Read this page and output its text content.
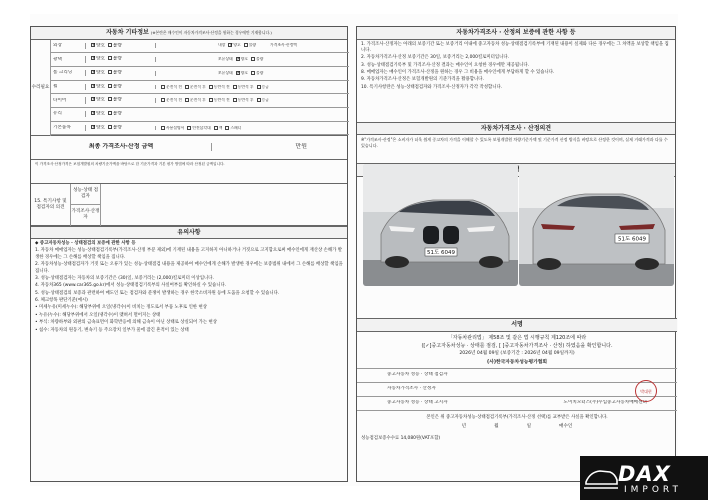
자동차 기타정보 (※본란은 매수인이 자동차가격조사·산정을 원하는 경우에만 기재합니다.)
수리필요
외장 ✓	양호 불량	내장 ✓ 양호 불량	가격조사·산정액
광택 ✓	양호 불량	보유상태 ✓ 양호 불량
룸 크리닝 ✓	양호 불량	보유상태 ✓ 양호 불량
휠 ✓	양호 불량	운전석 전 운전석 후 동반석 전 동반석 후 응급
타이어 ✓	양호 불량	운전석 전 운전석 후 동반석 전 동반석 후 응급
유리 ✓	양호 불량
기본품목 ✓	양호 불량	사용설명서 안전삼각대 잭 스패너
최종 가격조사·산정 금액	만원
이 가격조사·산정가격은 보험개발원의 차량기준가액을 바탕으로 한 기준가격과 기본 평가 방법에 따라 산정된 금액입니다.
15. 특기사항 및 점검자의 의견
성능·상태 점검자
가격조사·산정자
유의사항

◆ 중고자동차성능 · 상태점검의 보증에 관한 사항 등

1. 자동차 매매업자는 성능·상태점검기록부(가격조사·산정 부분 제외)에 기재된 내용을 고지하지 아니하거나 거짓으로 고지함으로써 매수인에게 재산상 손해가 발생한 경우에는 그 손해를 배상할 책임을 집니다.

2. 자동차성능·상태점검자가 거짓 또는 오류가 있는 성능·상태점검 내용을 제공하여 매수인에게 손해가 발생한 경우에는 보증범위 내에서 그 손해를 배상할 책임을 집니다.

3. 성능·상태점검자는 자동차의 보증기간은 (30)일, 보증거리는 (2,000)킬로미터 이상입니다.

4. 자동차365 (www.car365.go.kr)에서 성능·상태점검기록부의 사실여부를 확인하실 수 있습니다.

5. 성능·상태점검의 보증과 관련하여 매도인 또는 점검자와 분쟁이 발생하는 경우 한국소비자원 등에 도움을 요청할 수 있습니다.

6. 체크항목 판단기준(예시)

• 미세누유(미세누수): 해당부위에 오일(냉각수)이 비치는 정도로서 부품 노후로 인한 현상

• 누유(누수): 해당부위에서 오일(냉각수)이 맺혀서 떨어지는 상태

• 부식: 차량하부와 외판의 금속표면이 화학반응에 의해 금속이 아닌 상태로 상실되어 가는 현상

• 침수: 자동차의 원동기, 변속기 등 주요장치 일부가 물에 잠긴 흔적이 있는 상태

자동차가격조사 · 산정의 보증에 관한 사항 등

1. 가격조사·산정자는 아래의 보증기간 또는 보증거리 이내에 중고자동차 성능·상태점검기록부에 기재된 내용이 실제와 다른 경우에는 그 차액을 보상할 책임을 집니다.

2. 자동차가격조사·산정 보증기간은 30일, 보증거리는 2,000킬로미터입니다.

3. 성능·상태점검기록부 및 가격조사·산정 결과는 매수인이 요청한 경우에만 제공됩니다.

8. 매매업자는 매수인이 가격조사·산정을 원하는 경우 그 비용을 매수인에게 부담하게 할 수 있습니다.

9. 자동차가격조사·산정은 보험개발원의 기준가격을 활용합니다.

10. 특기사항란은 성능·상태점검자와 가격조사·산정자가 각각 작성합니다.

자동차가격조사 · 산정의견
※"가격조사·산정"은 소비자가 더욱 쉽게 중고차의 가격을 이해할 수 있도록 보험개발원 차량기준가액 및 기준가격 산정 방식을 바탕으로 산정한 것이며, 실제 거래가격과 다를 수 있습니다.
51도 6049
51도 6049
서명
「자동차관리법」 제58조 및 같은 법 시행규칙 제120조에 따라
([✓]중고자동차성능 · 상태를 점검, [ ]중고자동차가격조사 · 산정) 하였음을 확인합니다.
2026년 04월 09일 (보증기간 : 2026년 04월 09일까지)
(사)한국자동차성능평가협회
중고자동차 성능 · 상태 점검자
자동차가격조사 · 산정자
중고자동차 성능 · 상태 고지자	도이치모터스(주)수입중고자동차매매센터
박대현
본인은 위 중고자동차성능·상태점검기록부(가격조사·산정 선택)를 교부받은 사실을 확인합니다.
년	월	일	매수인
성능점검보증수수료 14,080원(VAT포함)
DAX
IMPORT
